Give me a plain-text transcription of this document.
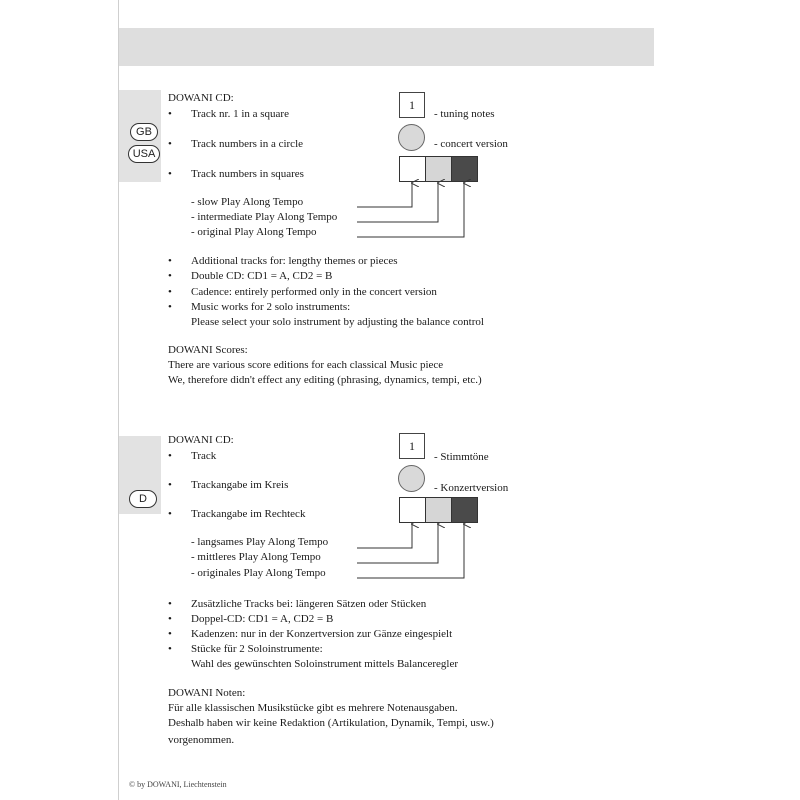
GB
USA
DOWANI CD:
• Track nr. 1 in a square
• Track numbers in a circle
• Track numbers in squares
1
- tuning notes
- concert version
- slow Play Along Tempo
- intermediate Play Along Tempo
- original Play Along Tempo
• Additional tracks for: lengthy themes or pieces
• Double CD: CD1 = A, CD2 = B
• Cadence: entirely performed only in the concert version
• Music works for 2 solo instruments:
Please select your solo instrument by adjusting the balance control
DOWANI Scores:
There are various score editions for each classical Music piece
We, therefore didn't effect any editing (phrasing, dynamics, tempi, etc.)
D
DOWANI CD:
• Track
• Trackangabe im Kreis
• Trackangabe im Rechteck
1
- Stimmtöne
- Konzertversion
- langsames Play Along Tempo
- mittleres Play Along Tempo
- originales Play Along Tempo
• Zusätzliche Tracks bei: längeren Sätzen oder Stücken
• Doppel-CD: CD1 = A, CD2 = B
• Kadenzen: nur in der Konzertversion zur Gänze eingespielt
• Stücke für 2 Soloinstrumente:
Wahl des gewünschten Soloinstrument mittels Balanceregler
DOWANI Noten:
Für alle klassischen Musikstücke gibt es mehrere Notenausgaben.
Deshalb haben wir keine Redaktion (Artikulation, Dynamik, Tempi, usw.)
vorgenommen.
© by DOWANI, Liechtenstein
